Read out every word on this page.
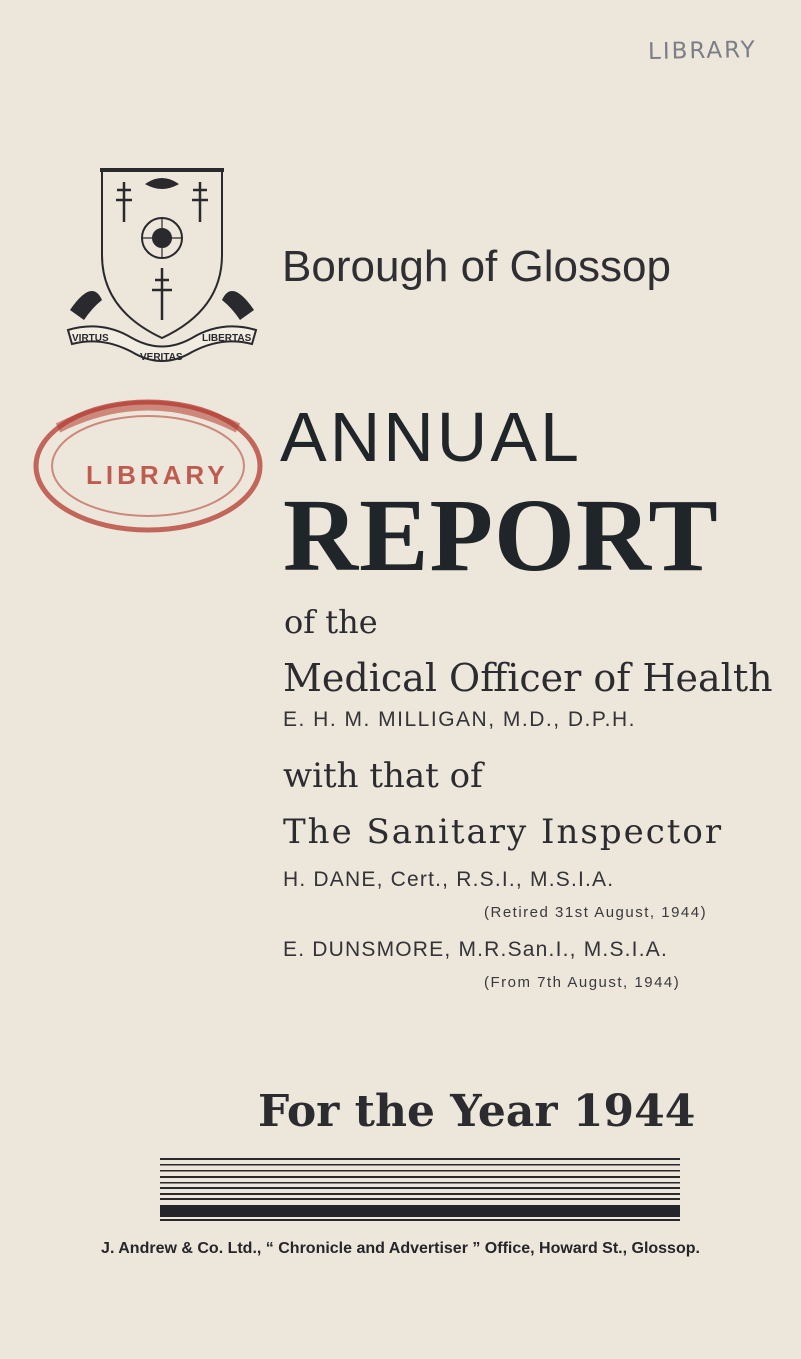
LIBRARY
VIRTUS	LIBERTAS
VERITAS
Borough of Glossop
LIBRARY ANNUAL
REPORT
of the
Medical Officer of Health
E. H. M. MILLIGAN, M.D., D.P.H.
with that of
The Sanitary Inspector
H. DANE, Cert., R.S.I., M.S.I.A.
(Retired 31st August, 1944)
E. DUNSMORE, M.R.San.I., M.S.I.A.
(From 7th August, 1944)
For the Year 1944
J. Andrew & Co. Ltd., “ Chronicle and Advertiser ” Office, Howard St., Glossop.
